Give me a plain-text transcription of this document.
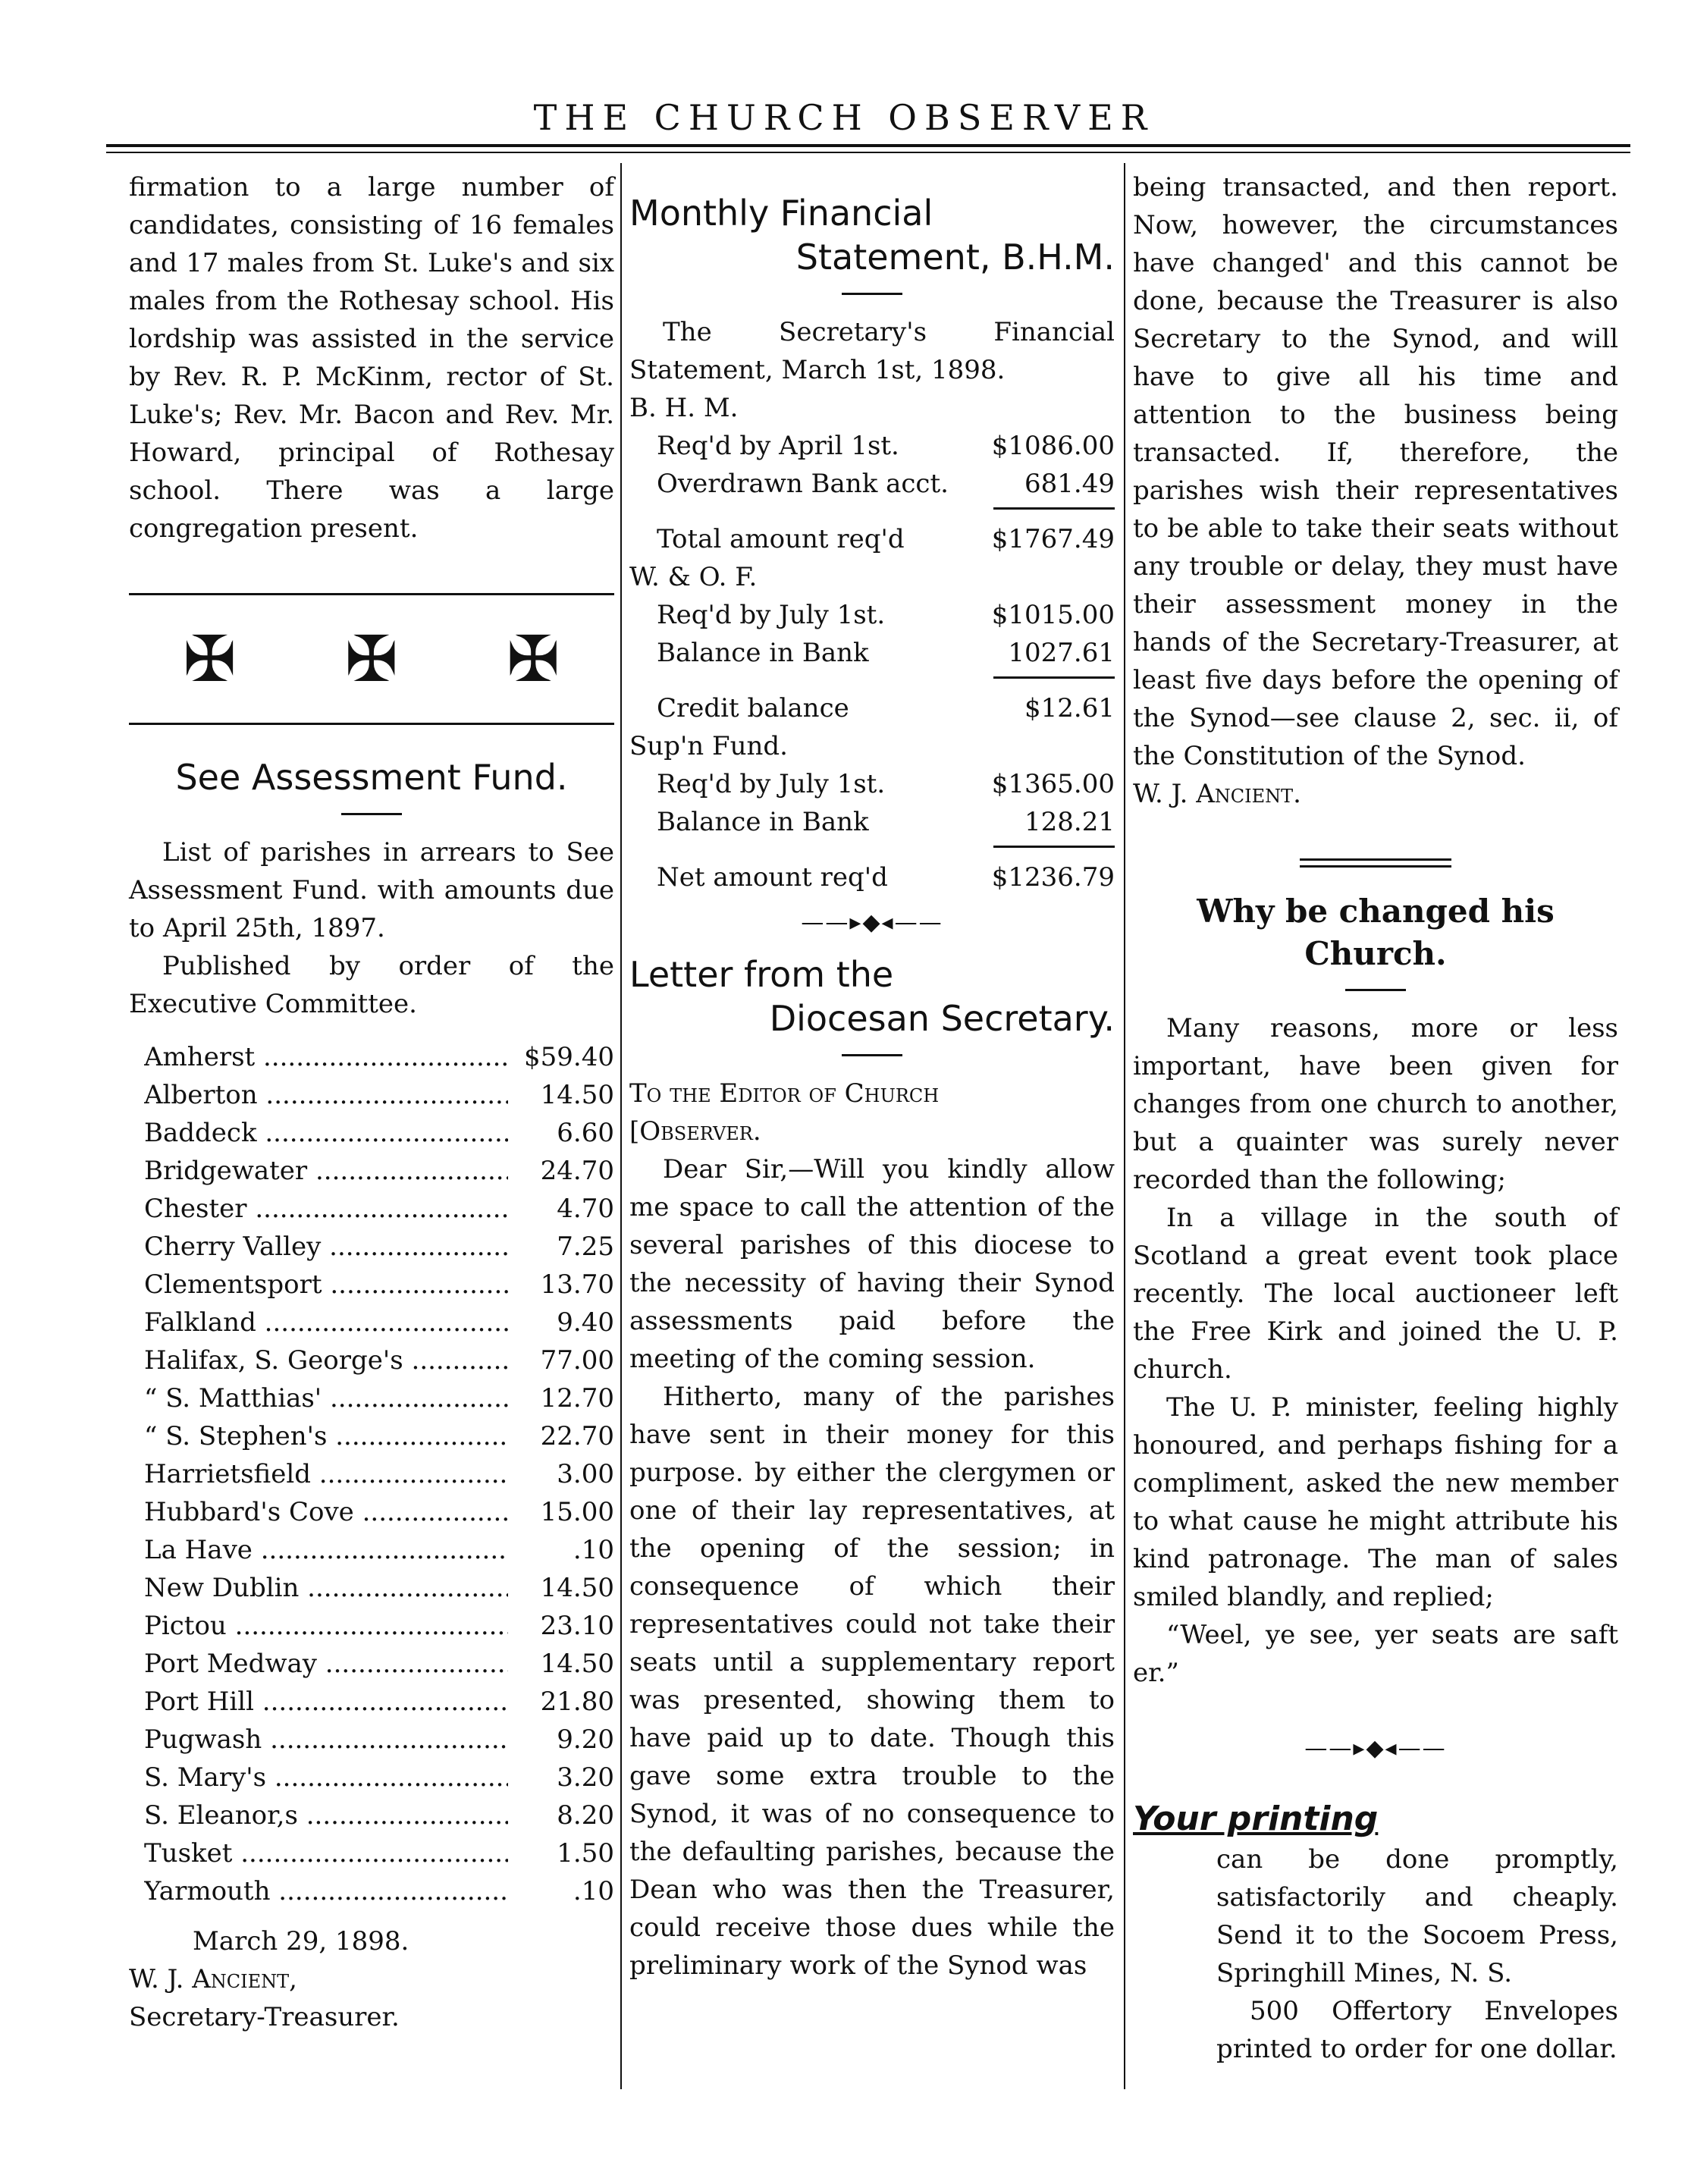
THE CHURCH OBSERVER

firmation to a large number of candidates, consisting of 16 females and 17 males from St. Luke's and six males from the Rothesay school. His lordship was assisted in the service by Rev. R. P. McKinm, rector of St. Luke's; Rev. Mr. Bacon and Rev. Mr. Howard, principal of Rothesay school. There was a large congregation present.

✠ ✠ ✠
See Assessment Fund.

List of parishes in arrears to See Assessment Fund. with amounts due to April 25th, 1897.

Published by order of the Executive Committee.

Amherst .....	$59.40
Alberton .....	14.50
Baddeck .....	6.60
Bridgewater .....	24.70
Chester .....	4.70
Cherry Valley .....	7.25
Clementsport .....	13.70
Falkland .....	9.40
Halifax, S. George's .....	77.00
“ S. Matthias' .....	12.70
“ S. Stephen's .....	22.70
Harrietsfield .....	3.00
Hubbard's Cove .....	15.00
La Have .....	.10
New Dublin .....	14.50
Pictou .....	23.10
Port Medway .....	14.50
Port Hill .....	21.80
Pugwash .....	9.20
S. Mary's .....	3.20
S. Eleanor,s .....	8.20
Tusket .....	1.50
Yarmouth .....	.10

March 29, 1898.

W. J. Ancient,

Secretary-Treasurer.

Monthly Financial
Statement, B.H.M.

The Secretary's Financial Statement, March 1st, 1898.

B. H. M.

Req'd by April 1st.	$1086.00
Overdrawn Bank acct.	681.49
Total amount req'd	$1767.49

W. & O. F.

Req'd by July 1st.	$1015.00
Balance in Bank	1027.61
Credit balance	$12.61

Sup'n Fund.

Req'd by July 1st.	$1365.00
Balance in Bank	128.21
Net amount req'd	$1236.79
——▸◆◂——
Letter from the
Diocesan Secretary.

To the Editor of Church

[Observer.

Dear Sir,—Will you kindly allow me space to call the attention of the several parishes of this diocese to the necessity of having their Synod assessments paid before the meeting of the coming session.

Hitherto, many of the parishes have sent in their money for this purpose. by either the clergymen or one of their lay representatives, at the opening of the session; in consequence of which their representatives could not take their seats until a supplementary report was presented, showing them to have paid up to date. Though this gave some extra trouble to the Synod, it was of no consequence to the defaulting parishes, because the Dean who was then the Treasurer, could receive those dues while the preliminary work of the Synod was

being transacted, and then report. Now, however, the circumstances have changed' and this cannot be done, because the Treasurer is also Secretary to the Synod, and will have to give all his time and attention to the business being transacted. If, therefore, the parishes wish their representatives to be able to take their seats without any trouble or delay, they must have their assessment money in the hands of the Secretary-Treasurer, at least five days before the opening of the Synod—see clause 2, sec. ii, of the Constitution of the Synod.

W. J. Ancient.

Why be changed his Church.

Many reasons, more or less important, have been given for changes from one church to another, but a quainter was surely never recorded than the following;

In a village in the south of Scotland a great event took place recently. The local auctioneer left the Free Kirk and joined the U. P. church.

The U. P. minister, feeling highly honoured, and perhaps fishing for a compliment, asked the new member to what cause he might attribute his kind patronage. The man of sales smiled blandly, and replied;

“Weel, ye see, yer seats are saft er.”

——▸◆◂——

Your printing

can be done promptly, satisfactorily and cheaply. Send it to the Socoem Press, Springhill Mines, N. S.

500 Offertory Envelopes printed to order for one dollar.
